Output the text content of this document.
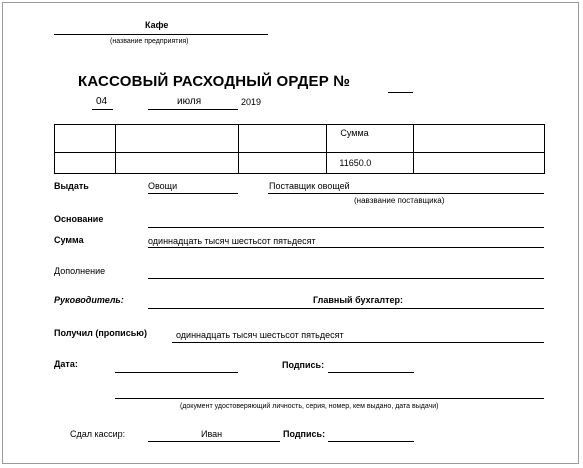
Кафе
(название предприятия)
КАССОВЫЙ РАСХОДНЫЙ ОРДЕР №
04	июля	2019

			Сумма	

			11650.0	

Выдать	Овощи	Поставщик овощей
(навзвание поставщика)
Основание
Сумма	одиннадцать тысяч шестьсот пятьдесят
Дополнение
Руководитель:	Главный бухгалтер:
Получил (прописью)	одиннадцать тысяч шестьсот пятьдесят
Дата:	Подпись:
(документ удостоверяющий личность, серия, номер, кем выдано, дата выдачи)
Сдал кассир:	Иван	Подпись:
